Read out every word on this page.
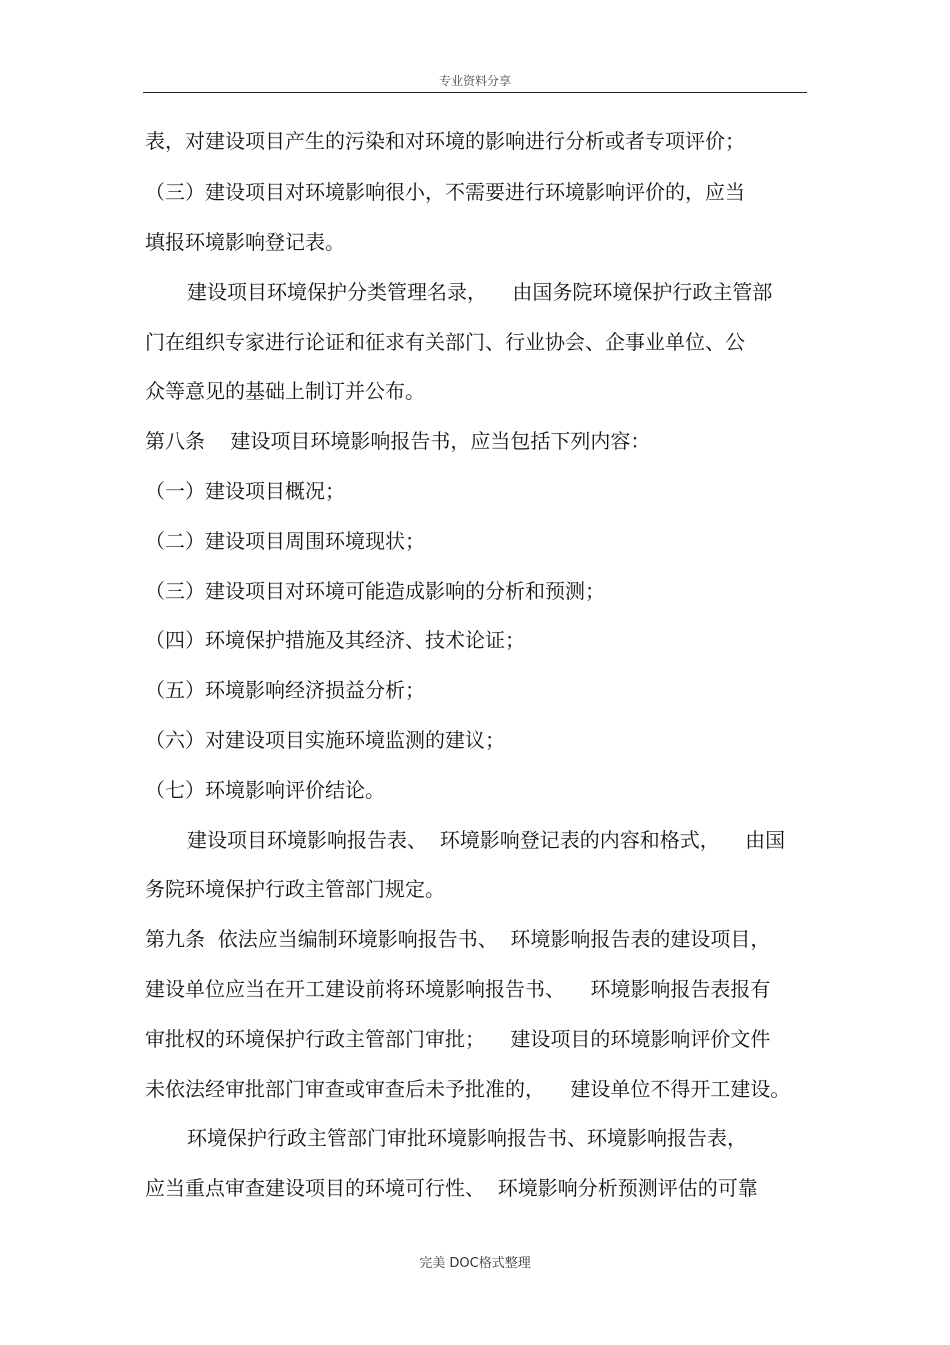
专业资料分享
表，对建设项目产生的污染和对环境的影响进行分析或者专项评价；
（三）建设项目对环境影响很小，不需要进行环境影响评价的，应当
填报环境影响登记表。
建设项目环境保护分类管理名录，    由国务院环境保护行政主管部
门在组织专家进行论证和征求有关部门、行业协会、企事业单位、公
众等意见的基础上制订并公布。
第八条    建设项目环境影响报告书，应当包括下列内容：
（一）建设项目概况；
（二）建设项目周围环境现状；
（三）建设项目对环境可能造成影响的分析和预测；
（四）环境保护措施及其经济、技术论证；
（五）环境影响经济损益分析；
（六）对建设项目实施环境监测的建议；
（七）环境影响评价结论。
建设项目环境影响报告表、  环境影响登记表的内容和格式，    由国
务院环境保护行政主管部门规定。
第九条  依法应当编制环境影响报告书、  环境影响报告表的建设项目，
建设单位应当在开工建设前将环境影响报告书、    环境影响报告表报有
审批权的环境保护行政主管部门审批；    建设项目的环境影响评价文件
未依法经审批部门审查或审查后未予批准的，    建设单位不得开工建设。
环境保护行政主管部门审批环境影响报告书、环境影响报告表，
应当重点审查建设项目的环境可行性、  环境影响分析预测评估的可靠
完美 DOC格式整理
